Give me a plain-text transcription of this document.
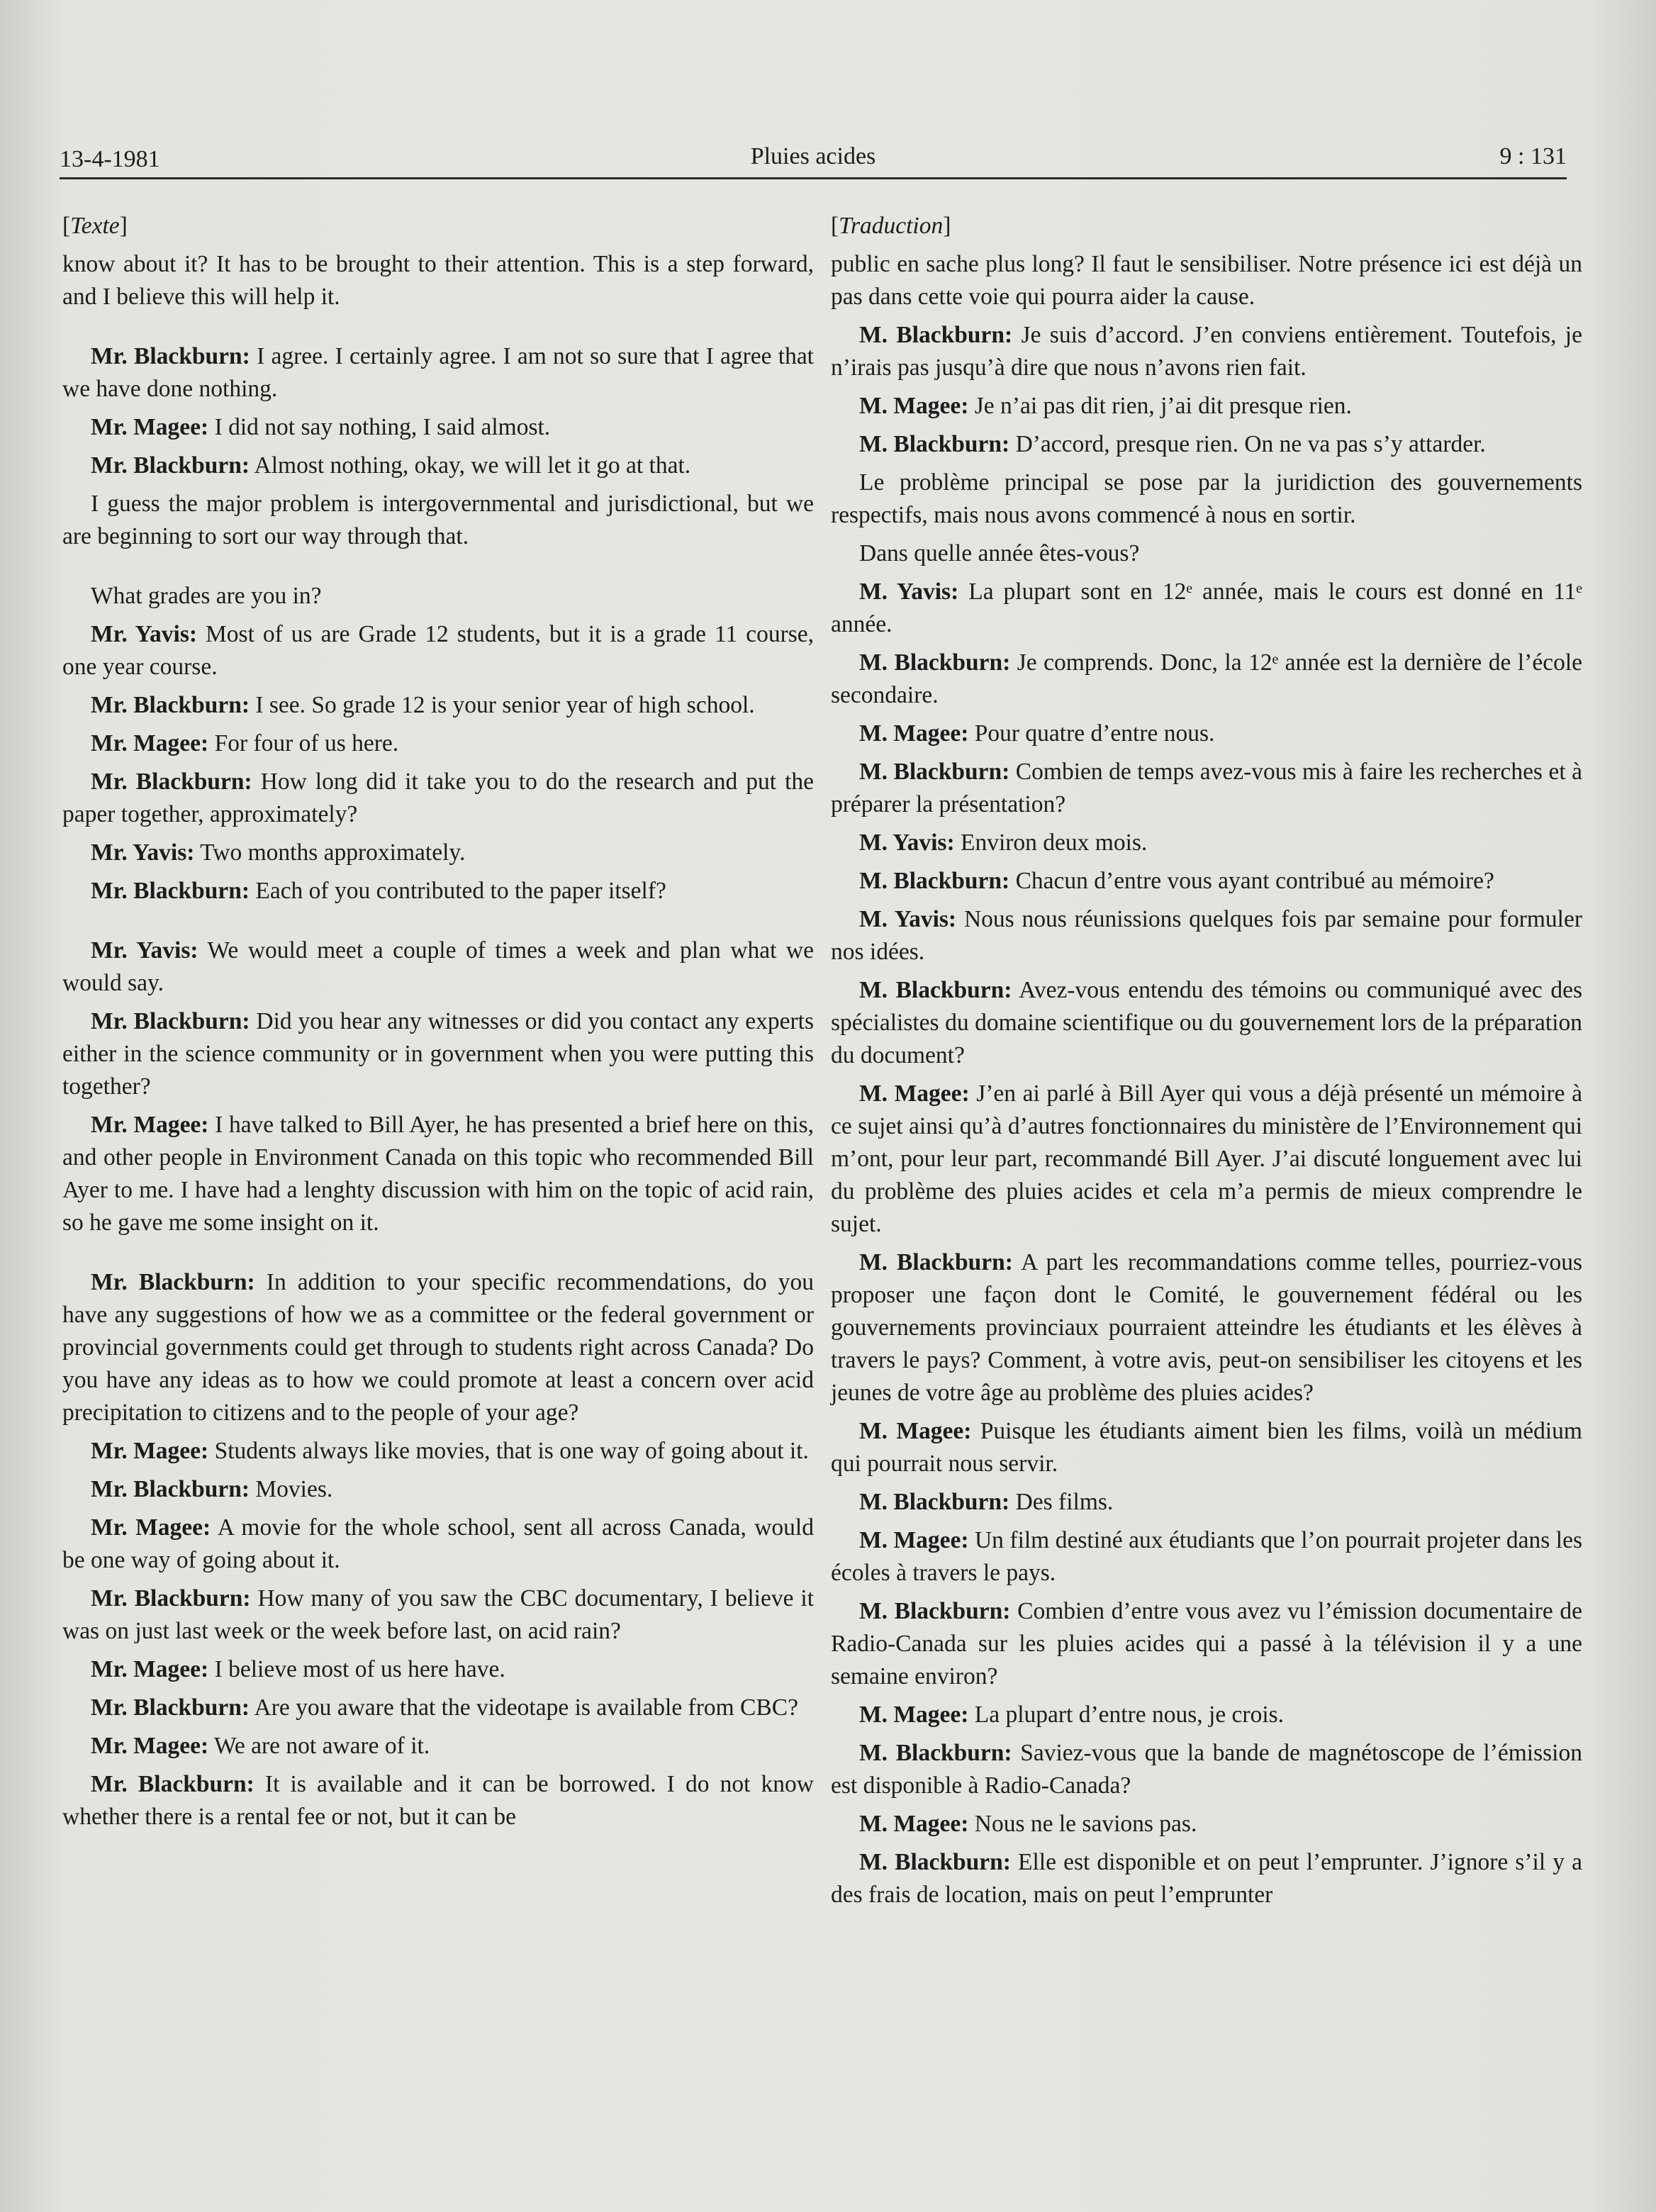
13-4-1981	Pluies acides	9 : 131

[Texte]

know about it? It has to be brought to their attention. This is a step forward, and I believe this will help it.

Mr. Blackburn: I agree. I certainly agree. I am not so sure that I agree that we have done nothing.

Mr. Magee: I did not say nothing, I said almost.

Mr. Blackburn: Almost nothing, okay, we will let it go at that.

I guess the major problem is intergovernmental and jurisdictional, but we are beginning to sort our way through that.

What grades are you in?

Mr. Yavis: Most of us are Grade 12 students, but it is a grade 11 course, one year course.

Mr. Blackburn: I see. So grade 12 is your senior year of high school.

Mr. Magee: For four of us here.

Mr. Blackburn: How long did it take you to do the research and put the paper together, approximately?

Mr. Yavis: Two months approximately.

Mr. Blackburn: Each of you contributed to the paper itself?

Mr. Yavis: We would meet a couple of times a week and plan what we would say.

Mr. Blackburn: Did you hear any witnesses or did you contact any experts either in the science community or in government when you were putting this together?

Mr. Magee: I have talked to Bill Ayer, he has presented a brief here on this, and other people in Environment Canada on this topic who recommended Bill Ayer to me. I have had a lenghty discussion with him on the topic of acid rain, so he gave me some insight on it.

Mr. Blackburn: In addition to your specific recommendations, do you have any suggestions of how we as a committee or the federal government or provincial governments could get through to students right across Canada? Do you have any ideas as to how we could promote at least a concern over acid precipitation to citizens and to the people of your age?

Mr. Magee: Students always like movies, that is one way of going about it.

Mr. Blackburn: Movies.

Mr. Magee: A movie for the whole school, sent all across Canada, would be one way of going about it.

Mr. Blackburn: How many of you saw the CBC documentary, I believe it was on just last week or the week before last, on acid rain?

Mr. Magee: I believe most of us here have.

Mr. Blackburn: Are you aware that the videotape is available from CBC?

Mr. Magee: We are not aware of it.

Mr. Blackburn: It is available and it can be borrowed. I do not know whether there is a rental fee or not, but it can be

[Traduction]

public en sache plus long? Il faut le sensibiliser. Notre présence ici est déjà un pas dans cette voie qui pourra aider la cause.

M. Blackburn: Je suis d’accord. J’en conviens entièrement. Toutefois, je n’irais pas jusqu’à dire que nous n’avons rien fait.

M. Magee: Je n’ai pas dit rien, j’ai dit presque rien.

M. Blackburn: D’accord, presque rien. On ne va pas s’y attarder.

Le problème principal se pose par la juridiction des gouvernements respectifs, mais nous avons commencé à nous en sortir.

Dans quelle année êtes-vous?

M. Yavis: La plupart sont en 12ᵉ année, mais le cours est donné en 11ᵉ année.

M. Blackburn: Je comprends. Donc, la 12ᵉ année est la dernière de l’école secondaire.

M. Magee: Pour quatre d’entre nous.

M. Blackburn: Combien de temps avez-vous mis à faire les recherches et à préparer la présentation?

M. Yavis: Environ deux mois.

M. Blackburn: Chacun d’entre vous ayant contribué au mémoire?

M. Yavis: Nous nous réunissions quelques fois par semaine pour formuler nos idées.

M. Blackburn: Avez-vous entendu des témoins ou communiqué avec des spécialistes du domaine scientifique ou du gouvernement lors de la préparation du document?

M. Magee: J’en ai parlé à Bill Ayer qui vous a déjà présenté un mémoire à ce sujet ainsi qu’à d’autres fonctionnaires du ministère de l’Environnement qui m’ont, pour leur part, recommandé Bill Ayer. J’ai discuté longuement avec lui du problème des pluies acides et cela m’a permis de mieux comprendre le sujet.

M. Blackburn: A part les recommandations comme telles, pourriez-vous proposer une façon dont le Comité, le gouvernement fédéral ou les gouvernements provinciaux pourraient atteindre les étudiants et les élèves à travers le pays? Comment, à votre avis, peut-on sensibiliser les citoyens et les jeunes de votre âge au problème des pluies acides?

M. Magee: Puisque les étudiants aiment bien les films, voilà un médium qui pourrait nous servir.

M. Blackburn: Des films.

M. Magee: Un film destiné aux étudiants que l’on pourrait projeter dans les écoles à travers le pays.

M. Blackburn: Combien d’entre vous avez vu l’émission documentaire de Radio-Canada sur les pluies acides qui a passé à la télévision il y a une semaine environ?

M. Magee: La plupart d’entre nous, je crois.

M. Blackburn: Saviez-vous que la bande de magnétoscope de l’émission est disponible à Radio-Canada?

M. Magee: Nous ne le savions pas.

M. Blackburn: Elle est disponible et on peut l’emprunter. J’ignore s’il y a des frais de location, mais on peut l’emprunter
